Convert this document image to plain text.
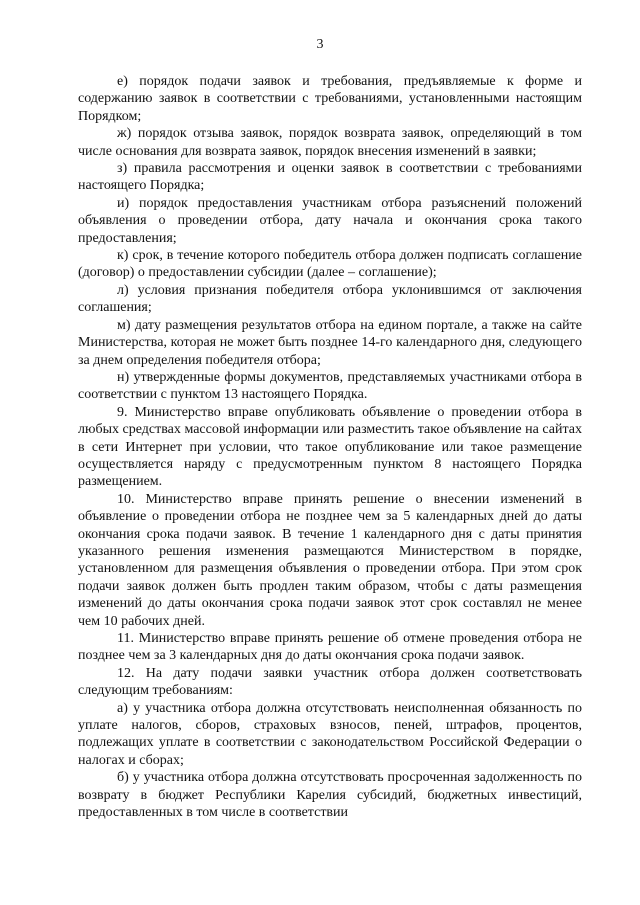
3

е) порядок подачи заявок и требования, предъявляемые к форме и содержанию заявок в соответствии с требованиями, установленными настоящим Порядком;

ж) порядок отзыва заявок, порядок возврата заявок, определяющий в том числе основания для возврата заявок, порядок внесения изменений в заявки;

з) правила рассмотрения и оценки заявок в соответствии с требованиями настоящего Порядка;

и) порядок предоставления участникам отбора разъяснений положений объявления о проведении отбора, дату начала и окончания срока такого предоставления;

к) срок, в течение которого победитель отбора должен подписать соглашение (договор) о предоставлении субсидии (далее – соглашение);

л) условия признания победителя отбора уклонившимся от заключения соглашения;

м) дату размещения результатов отбора на едином портале, а также на сайте Министерства, которая не может быть позднее 14-го календарного дня, следующего за днем определения победителя отбора;

н) утвержденные формы документов, представляемых участниками отбора в соответствии с пунктом 13 настоящего Порядка.

9. Министерство вправе опубликовать объявление о проведении отбора в любых средствах массовой информации или разместить такое объявление на сайтах в сети Интернет при условии, что такое опубликование или такое размещение осуществляется наряду с предусмотренным пунктом 8 настоящего Порядка размещением.

10. Министерство вправе принять решение о внесении изменений в объявление о проведении отбора не позднее чем за 5 календарных дней до даты окончания срока подачи заявок. В течение 1 календарного дня с даты принятия указанного решения изменения размещаются Министерством в порядке, установленном для размещения объявления о проведении отбора. При этом срок подачи заявок должен быть продлен таким образом, чтобы с даты размещения изменений до даты окончания срока подачи заявок этот срок составлял не менее чем 10 рабочих дней.

11. Министерство вправе принять решение об отмене проведения отбора не позднее чем за 3 календарных дня до даты окончания срока подачи заявок.

12. На дату подачи заявки участник отбора должен соответствовать следующим требованиям:

а) у участника отбора должна отсутствовать неисполненная обязанность по уплате налогов, сборов, страховых взносов, пеней, штрафов, процентов, подлежащих уплате в соответствии с законодательством Российской Федерации о налогах и сборах;

б) у участника отбора должна отсутствовать просроченная задолженность по возврату в бюджет Республики Карелия субсидий, бюджетных инвестиций, предоставленных в том числе в соответствии
